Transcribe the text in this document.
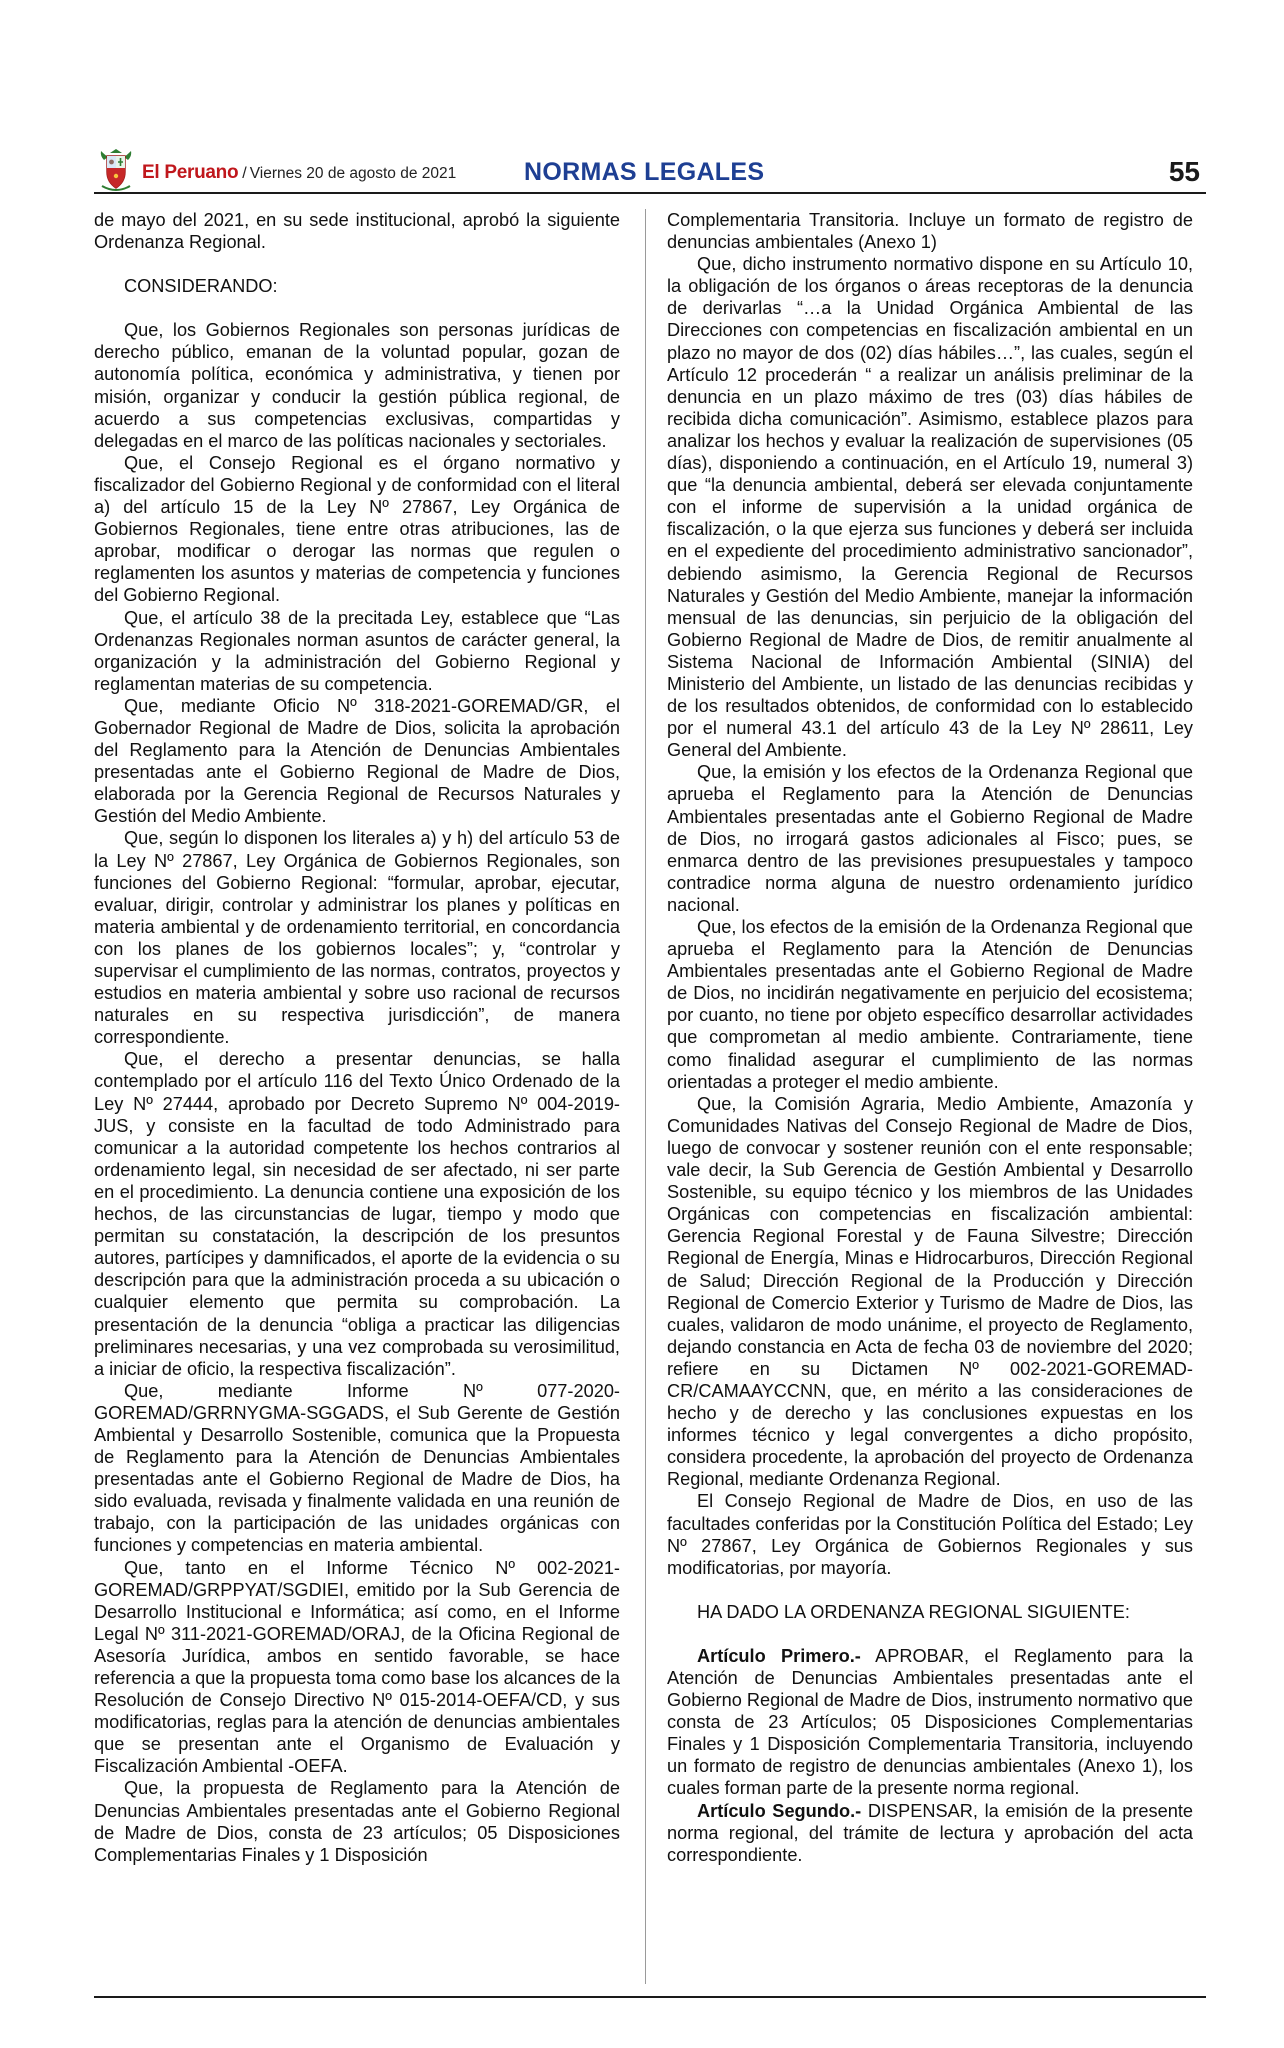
El Peruano / Viernes 20 de agosto de 2021	NORMAS LEGALES	55

de mayo del 2021, en su sede institucional, aprobó la siguiente Ordenanza Regional.

CONSIDERANDO:

Que, los Gobiernos Regionales son personas jurídicas de derecho público, emanan de la voluntad popular, gozan de autonomía política, económica y administrativa, y tienen por misión, organizar y conducir la gestión pública regional, de acuerdo a sus competencias exclusivas, compartidas y delegadas en el marco de las políticas nacionales y sectoriales.

Que, el Consejo Regional es el órgano normativo y fiscalizador del Gobierno Regional y de conformidad con el literal a) del artículo 15 de la Ley Nº 27867, Ley Orgánica de Gobiernos Regionales, tiene entre otras atribuciones, las de aprobar, modificar o derogar las normas que regulen o reglamenten los asuntos y materias de competencia y funciones del Gobierno Regional.

Que, el artículo 38 de la precitada Ley, establece que “Las Ordenanzas Regionales norman asuntos de carácter general, la organización y la administración del Gobierno Regional y reglamentan materias de su competencia.

Que, mediante Oficio Nº 318-2021-GOREMAD/GR, el Gobernador Regional de Madre de Dios, solicita la aprobación del Reglamento para la Atención de Denuncias Ambientales presentadas ante el Gobierno Regional de Madre de Dios, elaborada por la Gerencia Regional de Recursos Naturales y Gestión del Medio Ambiente.

Que, según lo disponen los literales a) y h) del artículo 53 de la Ley Nº 27867, Ley Orgánica de Gobiernos Regionales, son funciones del Gobierno Regional: “formular, aprobar, ejecutar, evaluar, dirigir, controlar y administrar los planes y políticas en materia ambiental y de ordenamiento territorial, en concordancia con los planes de los gobiernos locales”; y, “controlar y supervisar el cumplimiento de las normas, contratos, proyectos y estudios en materia ambiental y sobre uso racional de recursos naturales en su respectiva jurisdicción”, de manera correspondiente.

Que, el derecho a presentar denuncias, se halla contemplado por el artículo 116 del Texto Único Ordenado de la Ley Nº 27444, aprobado por Decreto Supremo Nº 004-2019-JUS, y consiste en la facultad de todo Administrado para comunicar a la autoridad competente los hechos contrarios al ordenamiento legal, sin necesidad de ser afectado, ni ser parte en el procedimiento. La denuncia contiene una exposición de los hechos, de las circunstancias de lugar, tiempo y modo que permitan su constatación, la descripción de los presuntos autores, partícipes y damnificados, el aporte de la evidencia o su descripción para que la administración proceda a su ubicación o cualquier elemento que permita su comprobación. La presentación de la denuncia “obliga a practicar las diligencias preliminares necesarias, y una vez comprobada su verosimilitud, a iniciar de oficio, la respectiva fiscalización”.

Que, mediante Informe Nº 077-2020-GOREMAD/GRRNYGMA-SGGADS, el Sub Gerente de Gestión Ambiental y Desarrollo Sostenible, comunica que la Propuesta de Reglamento para la Atención de Denuncias Ambientales presentadas ante el Gobierno Regional de Madre de Dios, ha sido evaluada, revisada y finalmente validada en una reunión de trabajo, con la participación de las unidades orgánicas con funciones y competencias en materia ambiental.

Que, tanto en el Informe Técnico Nº 002-2021-GOREMAD/GRPPYAT/SGDIEI, emitido por la Sub Gerencia de Desarrollo Institucional e Informática; así como, en el Informe Legal Nº 311-2021-GOREMAD/ORAJ, de la Oficina Regional de Asesoría Jurídica, ambos en sentido favorable, se hace referencia a que la propuesta toma como base los alcances de la Resolución de Consejo Directivo Nº 015-2014-OEFA/CD, y sus modificatorias, reglas para la atención de denuncias ambientales que se presentan ante el Organismo de Evaluación y Fiscalización Ambiental -OEFA.

Que, la propuesta de Reglamento para la Atención de Denuncias Ambientales presentadas ante el Gobierno Regional de Madre de Dios, consta de 23 artículos; 05 Disposiciones Complementarias Finales y 1 Disposición

Complementaria Transitoria. Incluye un formato de registro de denuncias ambientales (Anexo 1)

Que, dicho instrumento normativo dispone en su Artículo 10, la obligación de los órganos o áreas receptoras de la denuncia de derivarlas “…a la Unidad Orgánica Ambiental de las Direcciones con competencias en fiscalización ambiental en un plazo no mayor de dos (02) días hábiles…”, las cuales, según el Artículo 12 procederán “ a realizar un análisis preliminar de la denuncia en un plazo máximo de tres (03) días hábiles de recibida dicha comunicación”. Asimismo, establece plazos para analizar los hechos y evaluar la realización de supervisiones (05 días), disponiendo a continuación, en el Artículo 19, numeral 3) que “la denuncia ambiental, deberá ser elevada conjuntamente con el informe de supervisión a la unidad orgánica de fiscalización, o la que ejerza sus funciones y deberá ser incluida en el expediente del procedimiento administrativo sancionador”, debiendo asimismo, la Gerencia Regional de Recursos Naturales y Gestión del Medio Ambiente, manejar la información mensual de las denuncias, sin perjuicio de la obligación del Gobierno Regional de Madre de Dios, de remitir anualmente al Sistema Nacional de Información Ambiental (SINIA) del Ministerio del Ambiente, un listado de las denuncias recibidas y de los resultados obtenidos, de conformidad con lo establecido por el numeral 43.1 del artículo 43 de la Ley Nº 28611, Ley General del Ambiente.

Que, la emisión y los efectos de la Ordenanza Regional que aprueba el Reglamento para la Atención de Denuncias Ambientales presentadas ante el Gobierno Regional de Madre de Dios, no irrogará gastos adicionales al Fisco; pues, se enmarca dentro de las previsiones presupuestales y tampoco contradice norma alguna de nuestro ordenamiento jurídico nacional.

Que, los efectos de la emisión de la Ordenanza Regional que aprueba el Reglamento para la Atención de Denuncias Ambientales presentadas ante el Gobierno Regional de Madre de Dios, no incidirán negativamente en perjuicio del ecosistema; por cuanto, no tiene por objeto específico desarrollar actividades que comprometan al medio ambiente. Contrariamente, tiene como finalidad asegurar el cumplimiento de las normas orientadas a proteger el medio ambiente.

Que, la Comisión Agraria, Medio Ambiente, Amazonía y Comunidades Nativas del Consejo Regional de Madre de Dios, luego de convocar y sostener reunión con el ente responsable; vale decir, la Sub Gerencia de Gestión Ambiental y Desarrollo Sostenible, su equipo técnico y los miembros de las Unidades Orgánicas con competencias en fiscalización ambiental: Gerencia Regional Forestal y de Fauna Silvestre; Dirección Regional de Energía, Minas e Hidrocarburos, Dirección Regional de Salud; Dirección Regional de la Producción y Dirección Regional de Comercio Exterior y Turismo de Madre de Dios, las cuales, validaron de modo unánime, el proyecto de Reglamento, dejando constancia en Acta de fecha 03 de noviembre del 2020; refiere en su Dictamen Nº 002-2021-GOREMAD-CR/CAMAAYCCNN, que, en mérito a las consideraciones de hecho y de derecho y las conclusiones expuestas en los informes técnico y legal convergentes a dicho propósito, considera procedente, la aprobación del proyecto de Ordenanza Regional, mediante Ordenanza Regional.

El Consejo Regional de Madre de Dios, en uso de las facultades conferidas por la Constitución Política del Estado; Ley Nº 27867, Ley Orgánica de Gobiernos Regionales y sus modificatorias, por mayoría.

HA DADO LA ORDENANZA REGIONAL SIGUIENTE:

Artículo Primero.- APROBAR, el Reglamento para la Atención de Denuncias Ambientales presentadas ante el Gobierno Regional de Madre de Dios, instrumento normativo que consta de 23 Artículos; 05 Disposiciones Complementarias Finales y 1 Disposición Complementaria Transitoria, incluyendo un formato de registro de denuncias ambientales (Anexo 1), los cuales forman parte de la presente norma regional.

Artículo Segundo.- DISPENSAR, la emisión de la presente norma regional, del trámite de lectura y aprobación del acta correspondiente.
